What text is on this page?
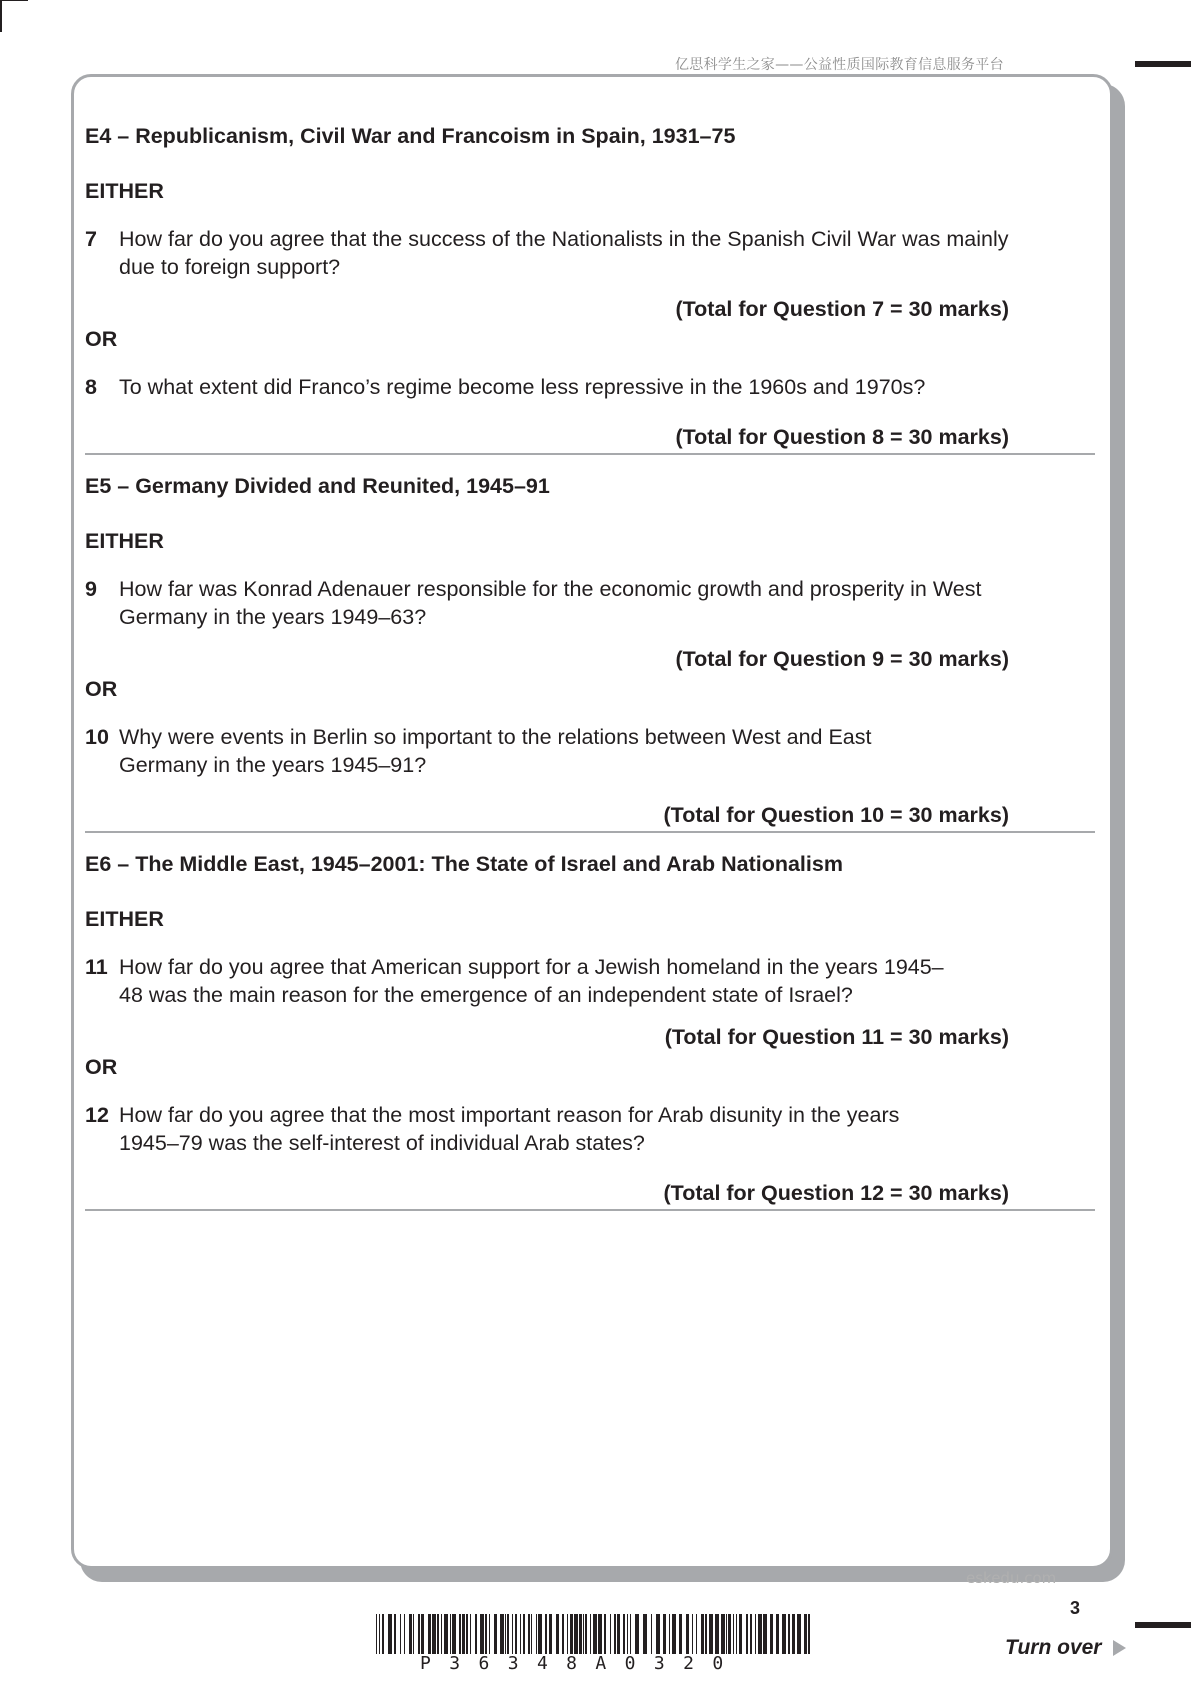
亿思科学生之家——公益性质国际教育信息服务平台
E4 – Republicanism, Civil War and Francoism in Spain, 1931–75
EITHER
7	How far do you agree that the success of the Nationalists in the Spanish Civil War was mainly due to foreign support?
(Total for Question 7 = 30 marks)
OR
8	To what extent did Franco’s regime become less repressive in the 1960s and 1970s?
(Total for Question 8 = 30 marks)
E5 – Germany Divided and Reunited, 1945–91
EITHER
9	How far was Konrad Adenauer responsible for the economic growth and prosperity in West Germany in the years 1949–63?
(Total for Question 9 = 30 marks)
OR
10 Why were events in Berlin so important to the relations between West and East Germany in the years 1945–91?
(Total for Question 10 = 30 marks)
E6 – The Middle East, 1945–2001: The State of Israel and Arab Nationalism
EITHER
11 How far do you agree that American support for a Jewish homeland in the years 1945–48 was the main reason for the emergence of an independent state of Israel?
(Total for Question 11 = 30 marks)
OR
12 How far do you agree that the most important reason for Arab disunity in the years 1945–79 was the self-interest of individual Arab states?
(Total for Question 12 = 30 marks)
eskedu.com
3
P36348A0320
Turn over
